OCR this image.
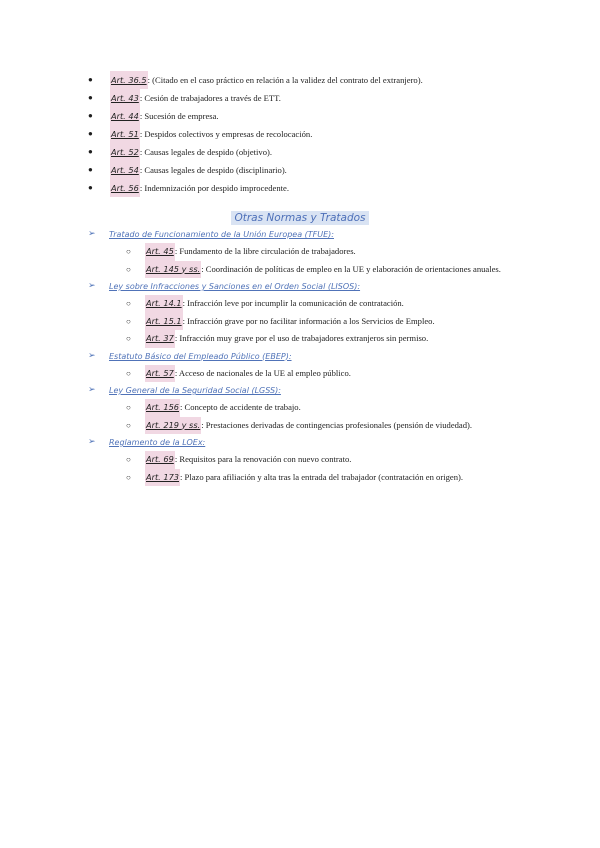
●	Art. 36.5 : (Citado en el caso práctico en relación a la validez del contrato del extranjero).
●	Art. 43 : Cesión de trabajadores a través de ETT.
●	Art. 44 : Sucesión de empresa.
●	Art. 51 : Despidos colectivos y empresas de recolocación.
●	Art. 52 : Causas legales de despido (objetivo).
●	Art. 54 : Causas legales de despido (disciplinario).
●	Art. 56 : Indemnización por despido improcedente.
Otras Normas y Tratados
➢	Tratado de Funcionamiento de la Unión Europea (TFUE):
○	Art. 45 : Fundamento de la libre circulación de trabajadores.
○	Art. 145 y ss. : Coordinación de políticas de empleo en la UE y elaboración de orientaciones anuales.
➢	Ley sobre Infracciones y Sanciones en el Orden Social (LISOS):
○	Art. 14.1 : Infracción leve por incumplir la comunicación de contratación.
○	Art. 15.1 : Infracción grave por no facilitar información a los Servicios de Empleo.
○	Art. 37 : Infracción muy grave por el uso de trabajadores extranjeros sin permiso.
➢	Estatuto Básico del Empleado Público (EBEP):
○	Art. 57 : Acceso de nacionales de la UE al empleo público.
➢	Ley General de la Seguridad Social (LGSS):
○	Art. 156 : Concepto de accidente de trabajo.
○	Art. 219 y ss. : Prestaciones derivadas de contingencias profesionales (pensión de viudedad).
➢	Reglamento de la LOEx:
○	Art. 69 : Requisitos para la renovación con nuevo contrato.
○	Art. 173 : Plazo para afiliación y alta tras la entrada del trabajador (contratación en origen).
